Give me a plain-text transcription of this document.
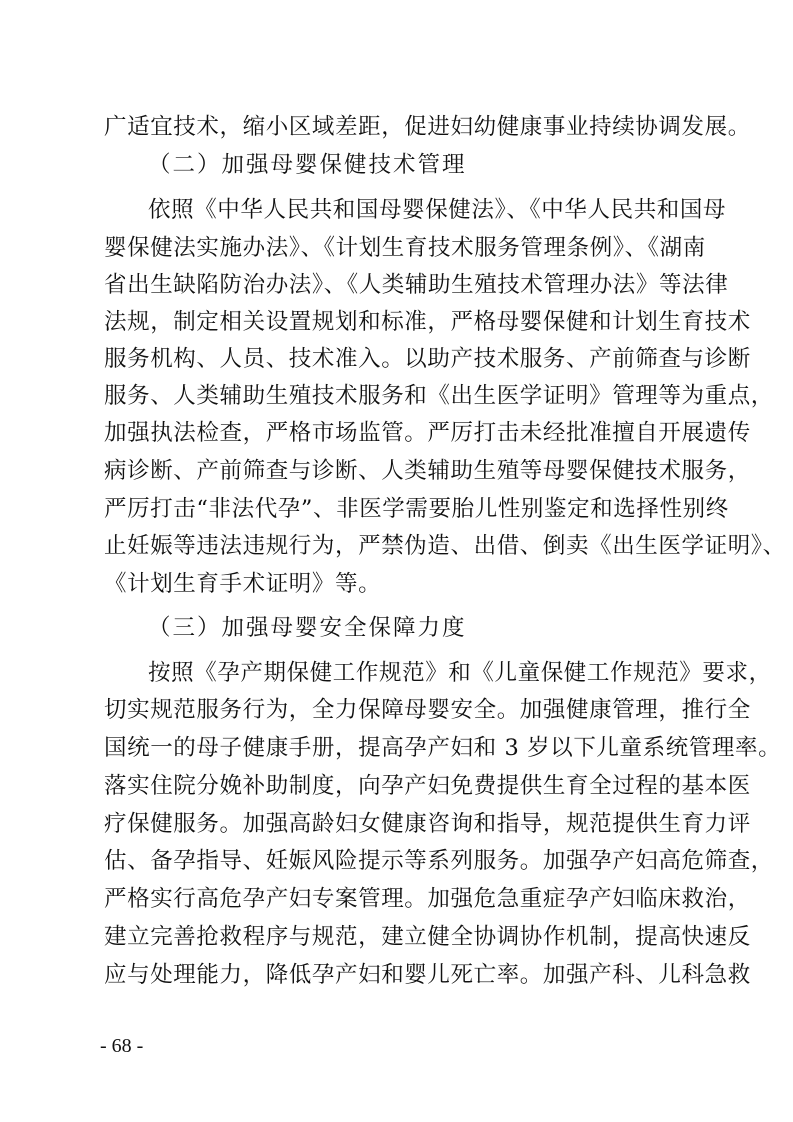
广适宜技术，缩小区域差距，促进妇幼健康事业持续协调发展。
（二）加强母婴保健技术管理
依照《中华人民共和国母婴保健法》、《中华人民共和国母
婴保健法实施办法》、《计划生育技术服务管理条例》、《湖南
省出生缺陷防治办法》、《人类辅助生殖技术管理办法》等法律
法规，制定相关设置规划和标准，严格母婴保健和计划生育技术
服务机构、人员、技术准入。以助产技术服务、产前筛查与诊断
服务、人类辅助生殖技术服务和《出生医学证明》管理等为重点，
加强执法检查，严格市场监管。严厉打击未经批准擅自开展遗传
病诊断、产前筛查与诊断、人类辅助生殖等母婴保健技术服务，
严厉打击“非法代孕”、非医学需要胎儿性别鉴定和选择性别终
止妊娠等违法违规行为，严禁伪造、出借、倒卖《出生医学证明》、
《计划生育手术证明》等。
（三）加强母婴安全保障力度
按照《孕产期保健工作规范》和《儿童保健工作规范》要求，
切实规范服务行为，全力保障母婴安全。加强健康管理，推行全
国统一的母子健康手册，提高孕产妇和 3 岁以下儿童系统管理率。
落实住院分娩补助制度，向孕产妇免费提供生育全过程的基本医
疗保健服务。加强高龄妇女健康咨询和指导，规范提供生育力评
估、备孕指导、妊娠风险提示等系列服务。加强孕产妇高危筛查，
严格实行高危孕产妇专案管理。加强危急重症孕产妇临床救治，
建立完善抢救程序与规范，建立健全协调协作机制，提高快速反
应与处理能力，降低孕产妇和婴儿死亡率。加强产科、儿科急救
- 68 -
